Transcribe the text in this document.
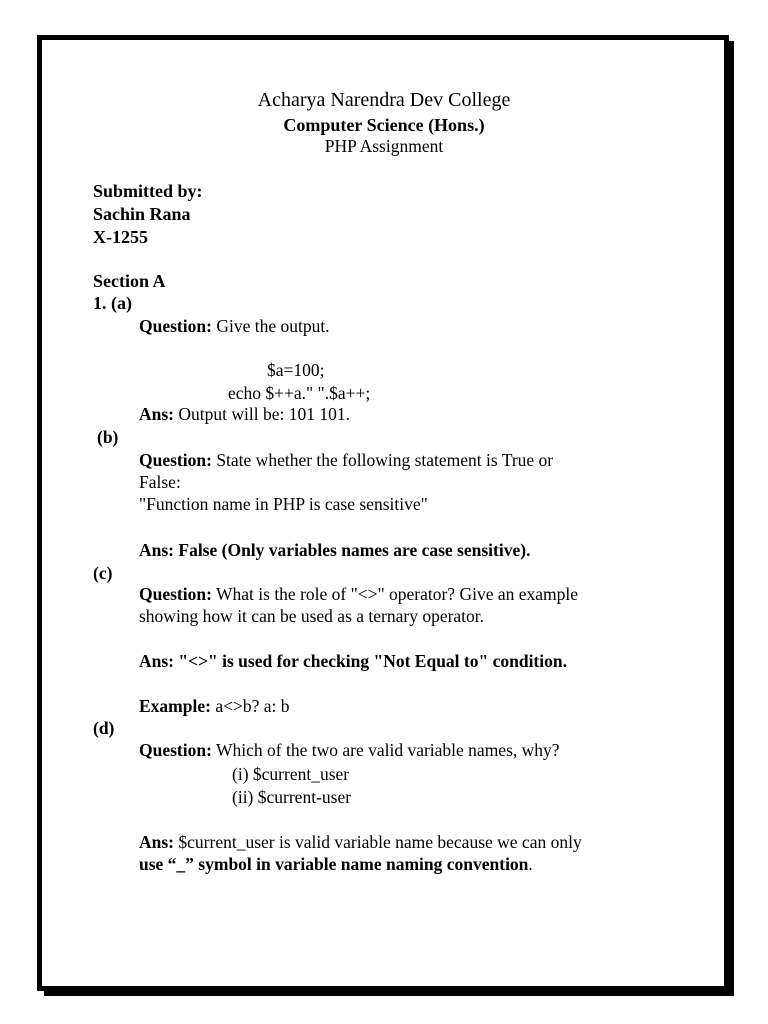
Acharya Narendra Dev College
Computer Science (Hons.)
PHP Assignment
Submitted by:
Sachin Rana
X-1255
Section A
1. (a)
Question: Give the output.
$a=100;
echo $++a." ".$a++;
Ans: Output will be: 101 101.
(b)
Question: State whether the following statement is True or
False:
"Function name in PHP is case sensitive"
Ans: False (Only variables names are case sensitive).
(c)
Question: What is the role of "<>" operator? Give an example
showing how it can be used as a ternary operator.
Ans: "<>" is used for checking "Not Equal to" condition.
Example: a<>b? a: b
(d)
Question: Which of the two are valid variable names, why?
(i) $current_user
(ii) $current-user
Ans: $current_user is valid variable name because we can only
use “_” symbol in variable name naming convention.
